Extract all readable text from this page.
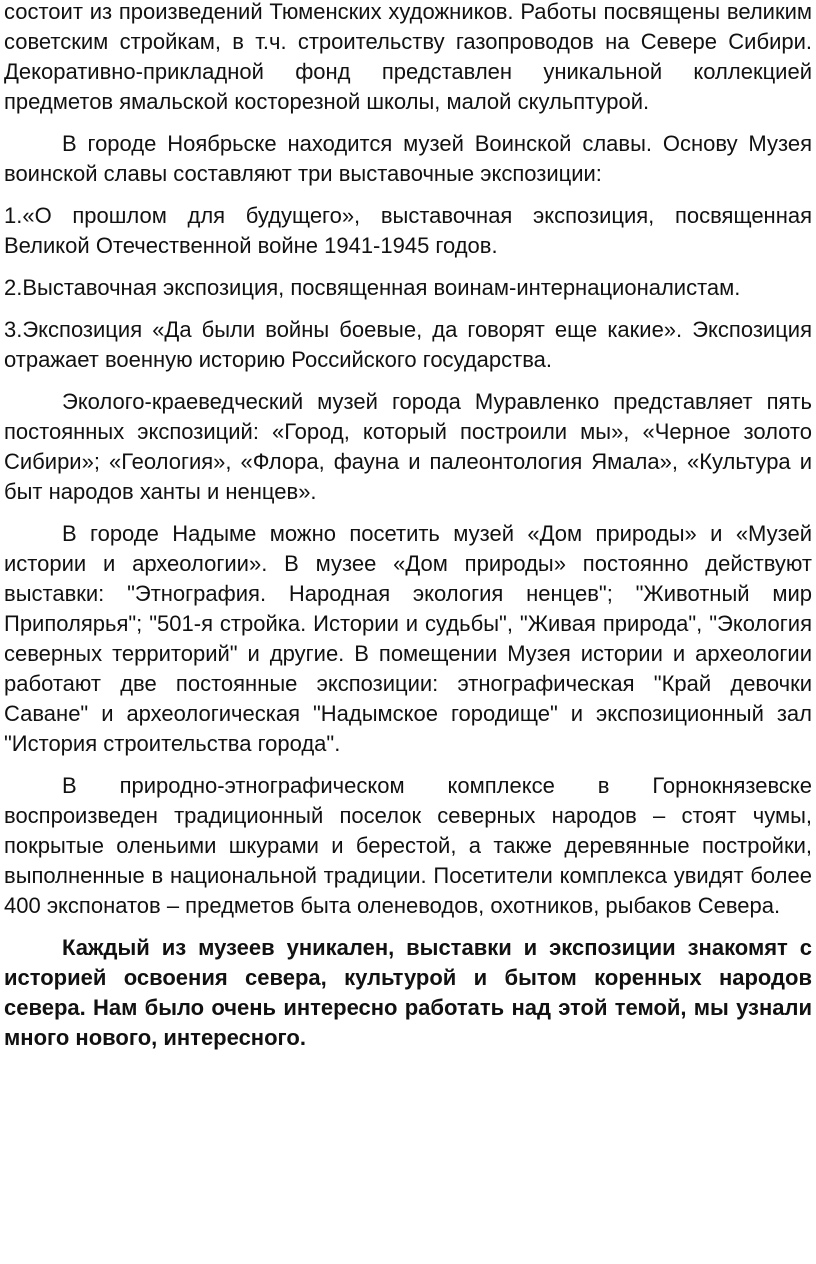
состоит из произведений Тюменских художников. Работы посвящены великим советским стройкам, в т.ч. строительству газопроводов на Севере Сибири. Декоративно-прикладной фонд представлен уникальной коллекцией предметов ямальской косторезной школы, малой скульптурой.

В городе Ноябрьске находится музей Воинской славы. Основу Музея воинской славы составляют три выставочные экспозиции:

1.«О прошлом для будущего», выставочная экспозиция, посвященная Великой Отечественной войне 1941-1945 годов.

2.Выставочная экспозиция, посвященная воинам-интернационалистам.

3.Экспозиция «Да были войны боевые, да говорят еще какие». Экспозиция отражает военную историю Российского государства.

Эколого-краеведческий музей города Муравленко представляет пять постоянных экспозиций: «Город, который построили мы», «Черное золото Сибири»; «Геология», «Флора, фауна и палеонтология Ямала», «Культура и быт народов ханты и ненцев».

В городе Надыме можно посетить музей «Дом природы» и «Музей истории и археологии». В музее «Дом природы» постоянно действуют выставки: "Этнография. Народная экология ненцев"; "Животный мир Приполярья"; "501-я стройка. Истории и судьбы", "Живая природа", "Экология северных территорий" и другие. В помещении Музея истории и археологии работают две постоянные экспозиции: этнографическая "Край девочки Саване" и археологическая "Надымское городище" и экспозиционный зал "История строительства города".

В природно-этнографическом комплексе в Горнокнязевске воспроизведен традиционный поселок северных народов – стоят чумы, покрытые оленьими шкурами и берестой, а также деревянные постройки, выполненные в национальной традиции. Посетители комплекса увидят более 400 экспонатов – предметов быта оленеводов, охотников, рыбаков Севера.

Каждый из музеев уникален, выставки и экспозиции знакомят с историей освоения севера, культурой и бытом коренных народов севера. Нам было очень интересно работать над этой темой, мы узнали много нового, интересного.
